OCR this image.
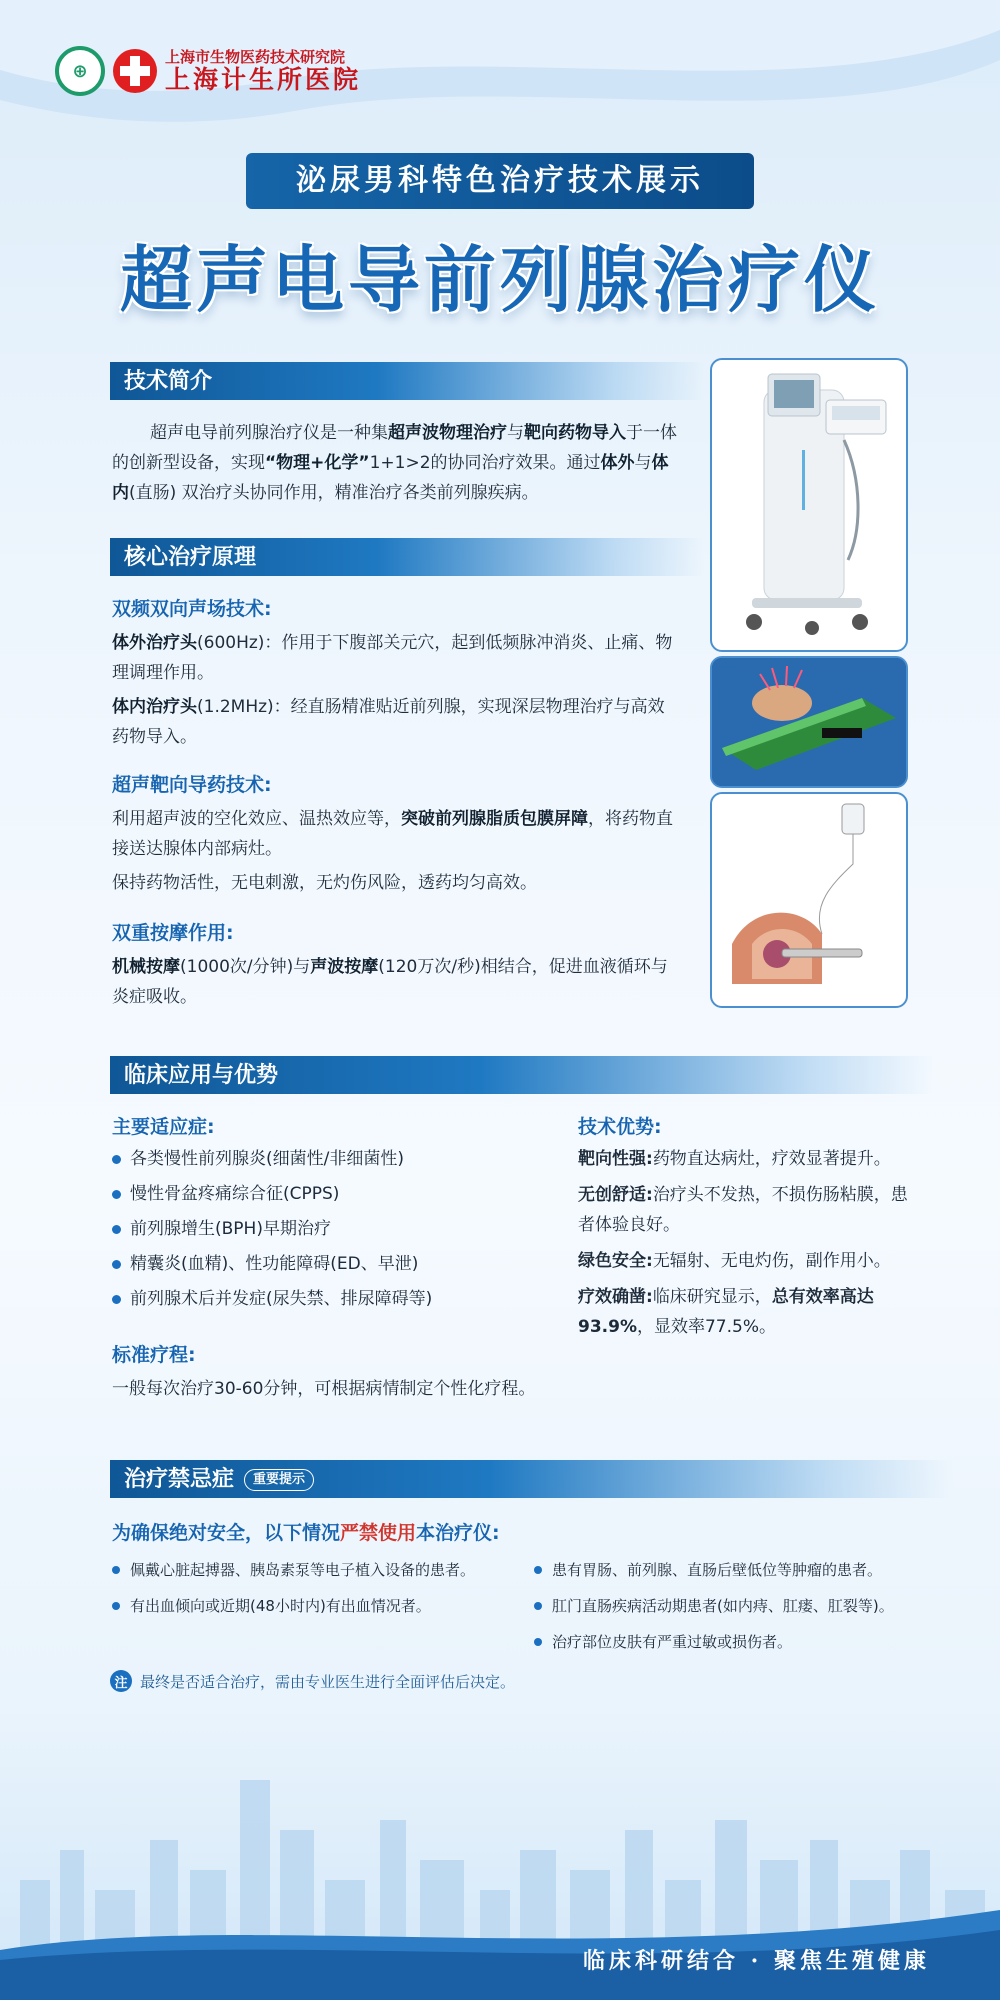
⊕
上海市生物医药技术研究院
上海计生所医院
泌尿男科特色治疗技术展示
超声电导前列腺治疗仪
技术简介
超声电导前列腺治疗仪是一种集超声波物理治疗与靶向药物导入于一体的创新型设备，实现“物理+化学”1+1>2的协同治疗效果。通过体外与体内(直肠) 双治疗头协同作用，精准治疗各类前列腺疾病。
核心治疗原理
双频双向声场技术:
体外治疗头(600Hz)：作用于下腹部关元穴，起到低频脉冲消炎、止痛、物理调理作用。
体内治疗头(1.2MHz)：经直肠精准贴近前列腺，实现深层物理治疗与高效药物导入。
超声靶向导药技术:
利用超声波的空化效应、温热效应等，突破前列腺脂质包膜屏障，将药物直接送达腺体内部病灶。
保持药物活性，无电刺激，无灼伤风险，透药均匀高效。
双重按摩作用:
机械按摩(1000次/分钟)与声波按摩(120万次/秒)相结合，促进血液循环与炎症吸收。
临床应用与优势
主要适应症:
各类慢性前列腺炎(细菌性/非细菌性)
慢性骨盆疼痛综合征(CPPS)
前列腺增生(BPH)早期治疗
精囊炎(血精)、性功能障碍(ED、早泄)
前列腺术后并发症(尿失禁、排尿障碍等)
技术优势:

靶向性强:药物直达病灶，疗效显著提升。

无创舒适:治疗头不发热，不损伤肠粘膜，患者体验良好。

绿色安全:无辐射、无电灼伤，副作用小。

疗效确凿:临床研究显示，总有效率高达93.9%，显效率77.5%。

标准疗程:
一般每次治疗30-60分钟，可根据病情制定个性化疗程。
治疗禁忌症 重要提示
为确保绝对安全，以下情况严禁使用本治疗仪:
佩戴心脏起搏器、胰岛素泵等电子植入设备的患者。
有出血倾向或近期(48小时内)有出血情况者。
患有胃肠、前列腺、直肠后壁低位等肿瘤的患者。
肛门直肠疾病活动期患者(如内痔、肛瘘、肛裂等)。
治疗部位皮肤有严重过敏或损伤者。
注 最终是否适合治疗，需由专业医生进行全面评估后决定。
临床科研结合 · 聚焦生殖健康
